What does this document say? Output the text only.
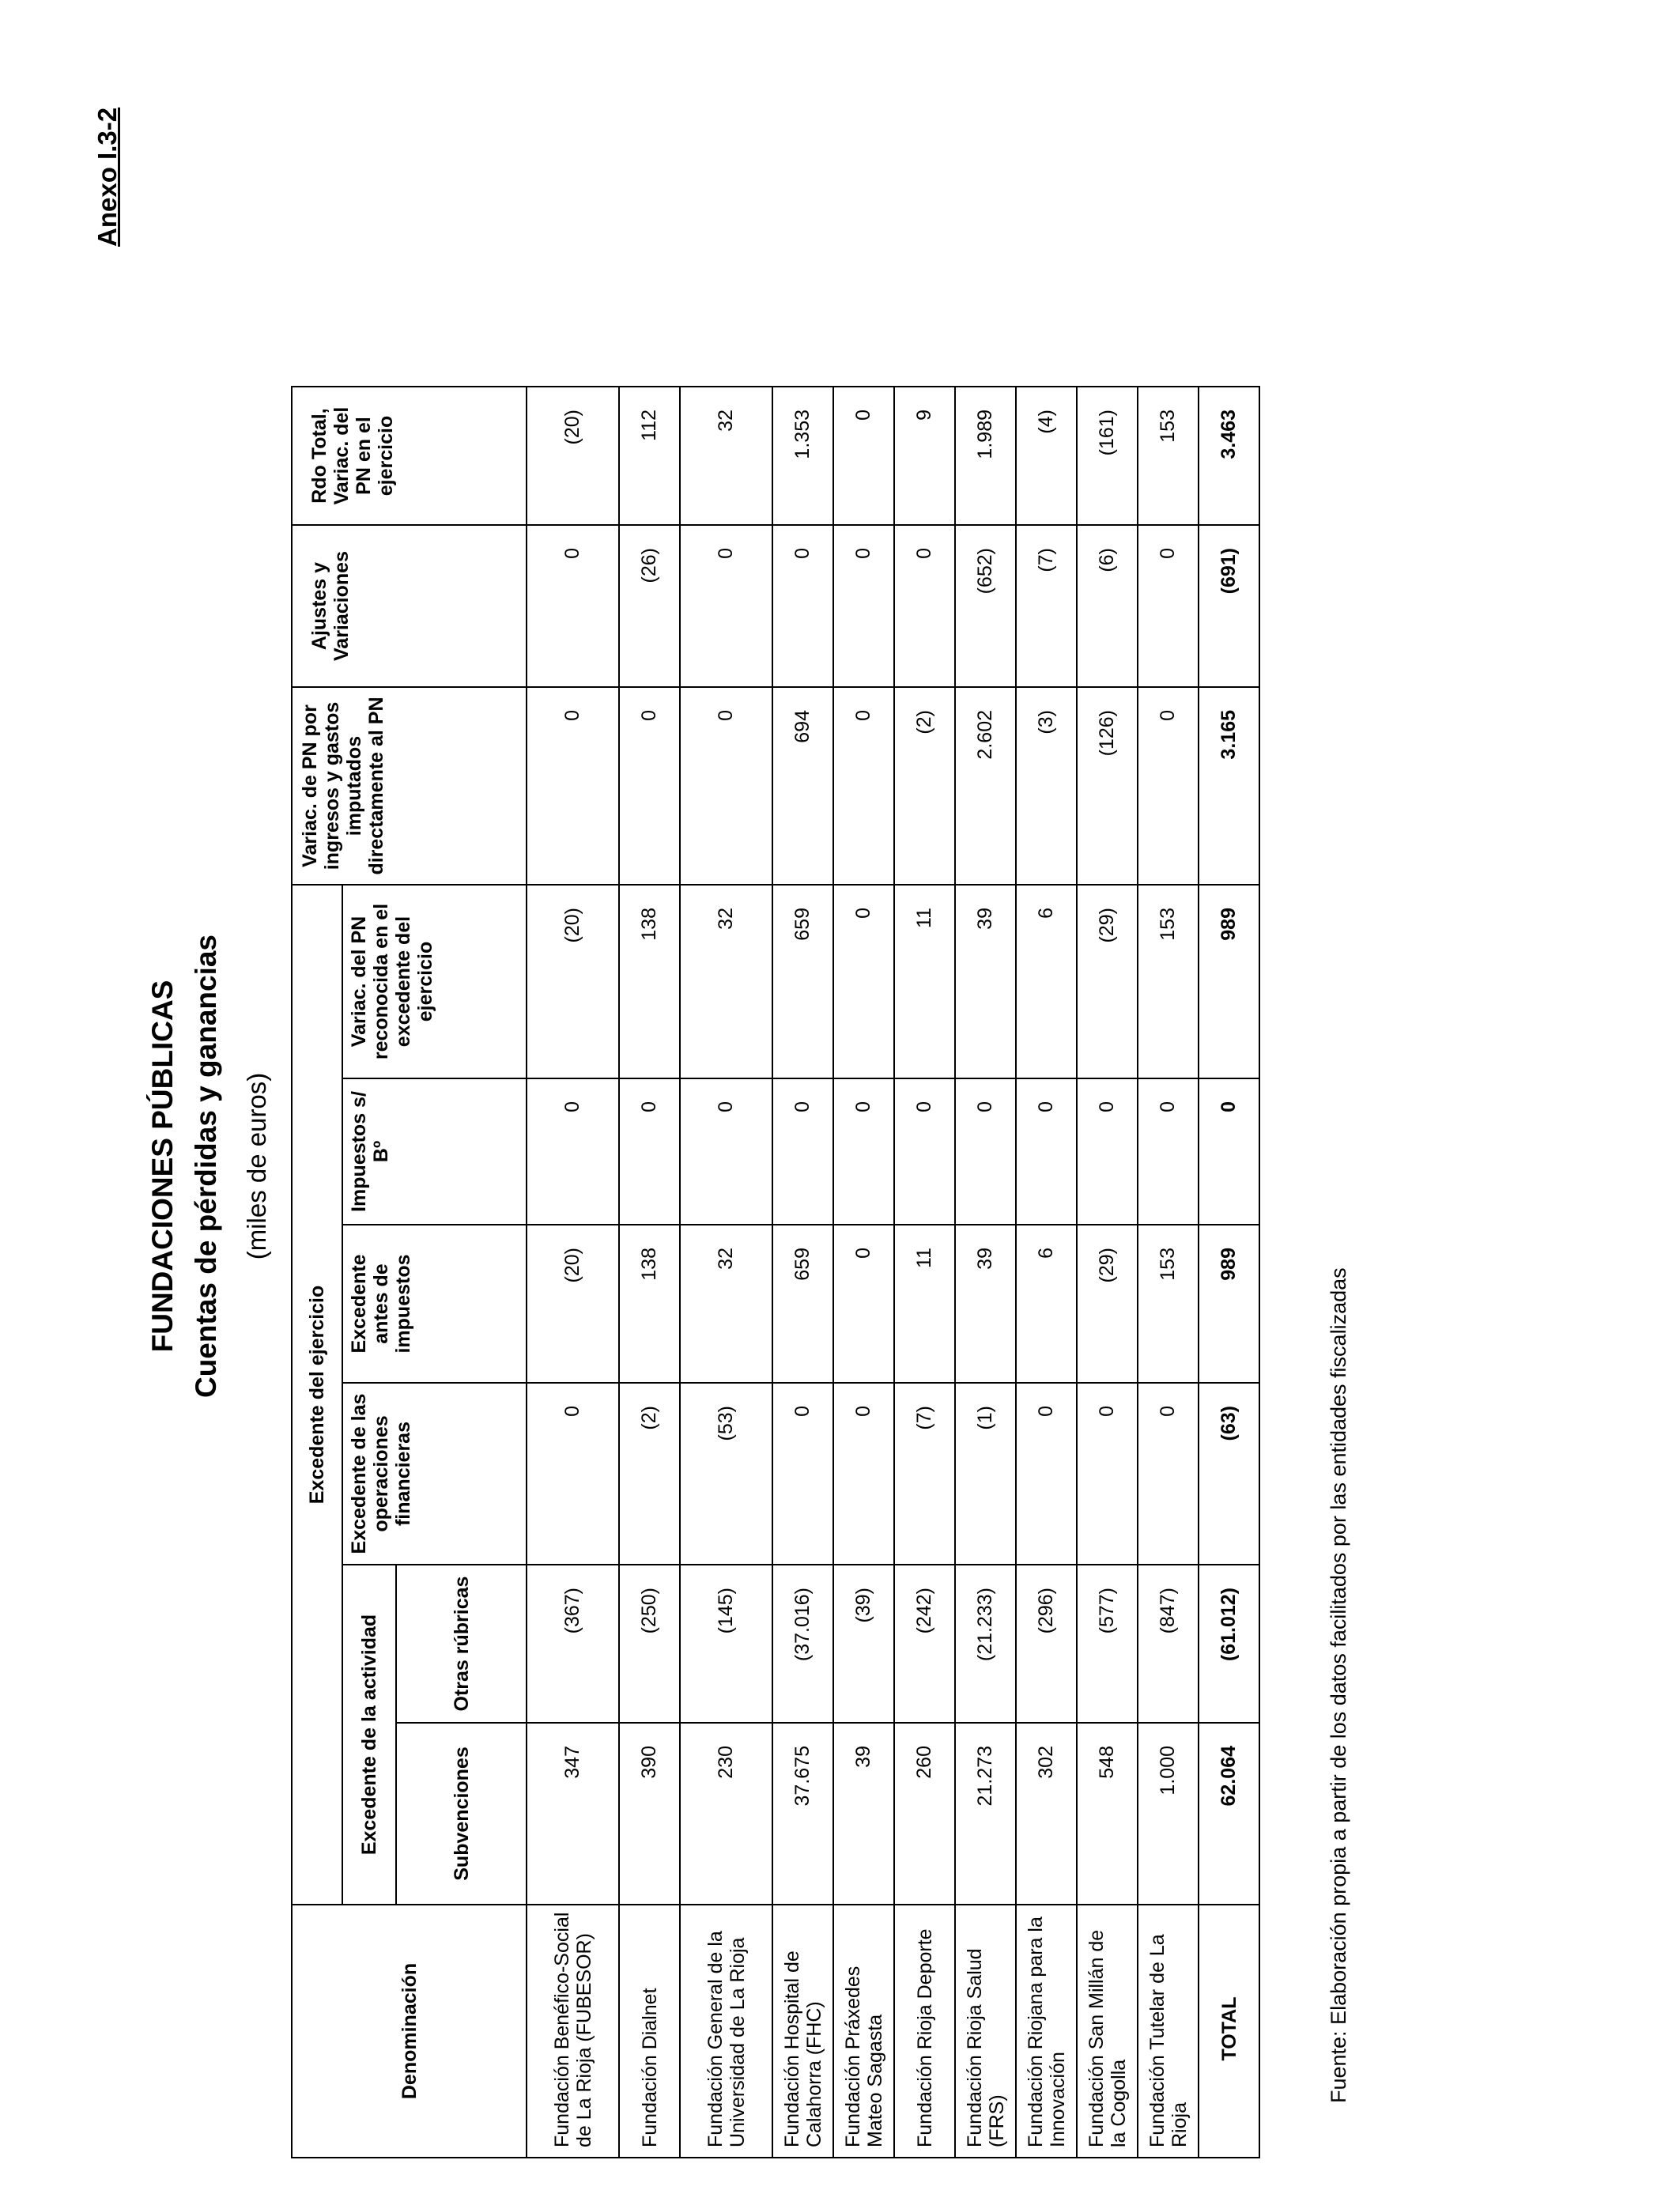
Anexo I.3-2
FUNDACIONES PÚBLICAS Cuentas de pérdidas y ganancias (miles de euros)
Denominación	Excedente del ejercicio						Variac. de PN por ingresos y gastos imputados directamente al PN	Ajustes y Variaciones	Rdo Total, Variac. del PN en el ejercicio
	Excedente de la actividad		Excedente de las operaciones financieras	Excedente antes de impuestos	Impuestos s/ Bº	Variac. del PN reconocida en el excedente del ejercicio			
	Subvenciones	Otras rúbricas							
Fundación Benéfico-Social de La Rioja (FUBESOR)	347	(367)	0	(20)	0	(20)	0	0	(20)
Fundación Dialnet	390	(250)	(2)	138	0	138	0	(26)	112
Fundación General de la Universidad de La Rioja	230	(145)	(53)	32	0	32	0	0	32
Fundación Hospital de Calahorra (FHC)	37.675	(37.016)	0	659	0	659	694	0	1.353
Fundación Práxedes Mateo Sagasta	39	(39)	0	0	0	0	0	0	0
Fundación Rioja Deporte	260	(242)	(7)	11	0	11	(2)	0	9
Fundación Rioja Salud (FRS)	21.273	(21.233)	(1)	39	0	39	2.602	(652)	1.989
Fundación Riojana para la Innovación	302	(296)	0	6	0	6	(3)	(7)	(4)
Fundación San Millán de la Cogolla	548	(577)	0	(29)	0	(29)	(126)	(6)	(161)
Fundación Tutelar de La Rioja	1.000	(847)	0	153	0	153	0	0	153
TOTAL	62.064	(61.012)	(63)	989	0	989	3.165	(691)	3.463
Fuente: Elaboración propia a partir de los datos facilitados por las entidades fiscalizadas
